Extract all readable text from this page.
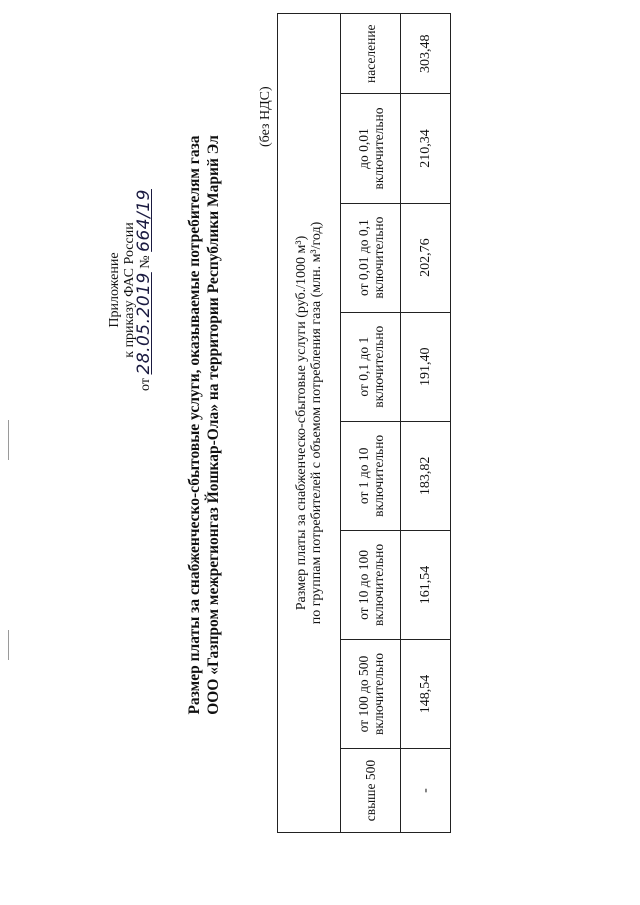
Приложение к приказу ФАС России
от 28.05.2019 № 664/19 Размер платы за снабженческо-сбытовые услуги, оказываемые потребителям газа ООО «Газпром межрегионгаз Йошкар-Ола» на территории Республики Марий Эл
(без НДС)
Размер платы за снабженческо-сбытовые услуги (руб./1000 м³) по группам потребителей с объемом потребления газа (млн. м³/год)							

свыше 500	от 100 до 500 включительно	от 10 до 100 включительно	от 1 до 10 включительно	от 0,1 до 1 включительно	от 0,01 до 0,1 включительно	до 0,01 включительно	население

-	148,54	161,54	183,82	191,40	202,76	210,34	303,48
